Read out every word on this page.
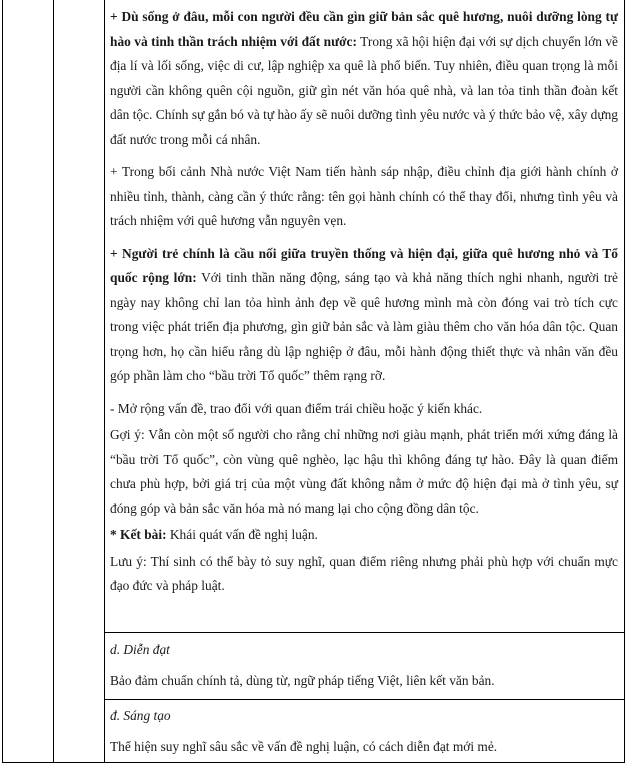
+ Dù sống ở đâu, mỗi con người đều cần gìn giữ bản sắc quê hương, nuôi dưỡng lòng tự hào và tinh thần trách nhiệm với đất nước: Trong xã hội hiện đại với sự dịch chuyển lớn về địa lí và lối sống, việc di cư, lập nghiệp xa quê là phổ biến. Tuy nhiên, điều quan trọng là mỗi người cần không quên cội nguồn, giữ gìn nét văn hóa quê nhà, và lan tỏa tinh thần đoàn kết dân tộc. Chính sự gắn bó và tự hào ấy sẽ nuôi dưỡng tình yêu nước và ý thức bảo vệ, xây dựng đất nước trong mỗi cá nhân.

+ Trong bối cảnh Nhà nước Việt Nam tiến hành sáp nhập, điều chỉnh địa giới hành chính ở nhiều tỉnh, thành, càng cần ý thức rằng: tên gọi hành chính có thể thay đổi, nhưng tình yêu và trách nhiệm với quê hương vẫn nguyên vẹn.

+ Người trẻ chính là cầu nối giữa truyền thống và hiện đại, giữa quê hương nhỏ và Tổ quốc rộng lớn: Với tinh thần năng động, sáng tạo và khả năng thích nghi nhanh, người trẻ ngày nay không chỉ lan tỏa hình ảnh đẹp về quê hương mình mà còn đóng vai trò tích cực trong việc phát triển địa phương, gìn giữ bản sắc và làm giàu thêm cho văn hóa dân tộc. Quan trọng hơn, họ cần hiểu rằng dù lập nghiệp ở đâu, mỗi hành động thiết thực và nhân văn đều góp phần làm cho “bầu trời Tổ quốc” thêm rạng rỡ.

- Mở rộng vấn đề, trao đổi với quan điểm trái chiều hoặc ý kiến khác.

Gợi ý: Vẫn còn một số người cho rằng chỉ những nơi giàu mạnh, phát triển mới xứng đáng là “bầu trời Tổ quốc”, còn vùng quê nghèo, lạc hậu thì không đáng tự hào. Đây là quan điểm chưa phù hợp, bởi giá trị của một vùng đất không nằm ở mức độ hiện đại mà ở tình yêu, sự đóng góp và bản sắc văn hóa mà nó mang lại cho cộng đồng dân tộc.

* Kết bài: Khái quát vấn đề nghị luận.

Lưu ý: Thí sinh có thể bày tỏ suy nghĩ, quan điểm riêng nhưng phải phù hợp với chuẩn mực đạo đức và pháp luật.

d. Diễn đạt

Bảo đảm chuẩn chính tả, dùng từ, ngữ pháp tiếng Việt, liên kết văn bản.

đ. Sáng tạo

Thể hiện suy nghĩ sâu sắc về vấn đề nghị luận, có cách diễn đạt mới mẻ.
